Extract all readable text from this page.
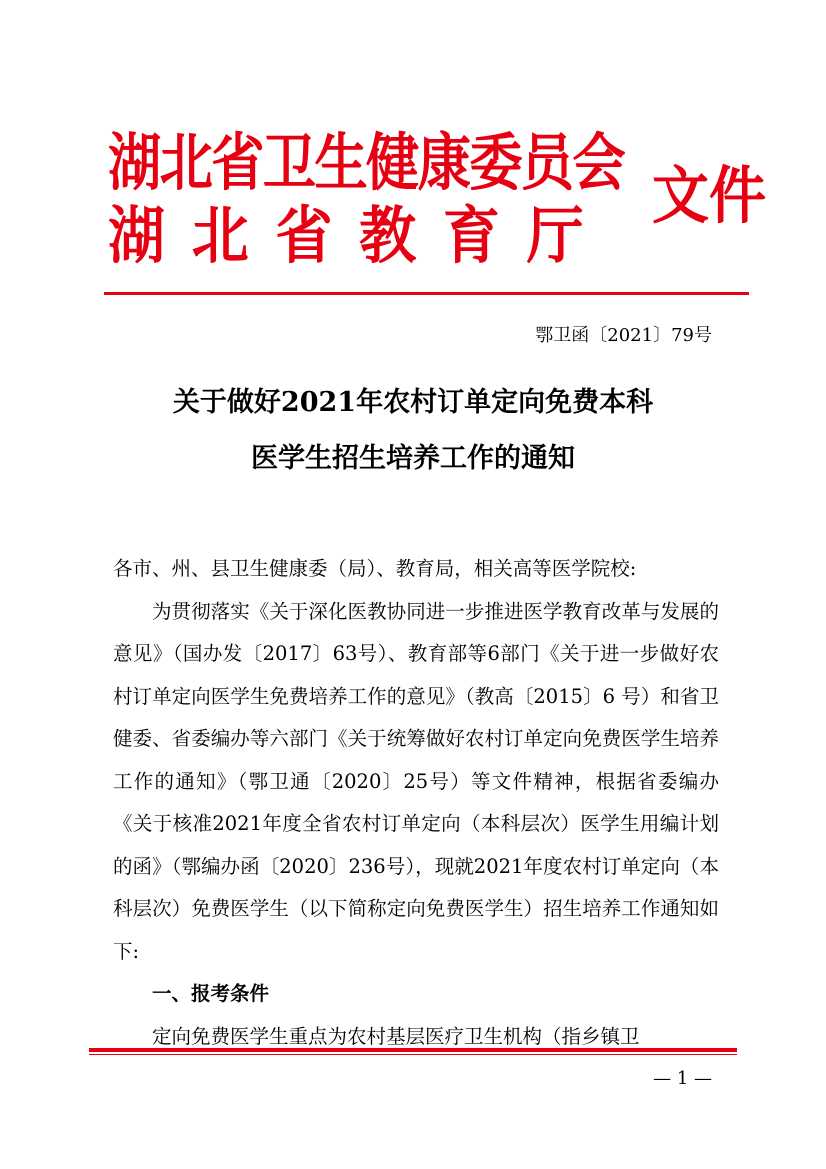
湖北省卫生健康委员会
湖北省教育厅
文件
鄂卫函〔2021〕79号
关于做好2021年农村订单定向免费本科
医学生招生培养工作的通知

各市、州、县卫生健康委（局）、教育局，相关高等医学院校:

为贯彻落实《关于深化医教协同进一步推进医学教育改革与发展的意见》（国办发〔2017〕63号）、教育部等6部门《关于进一步做好农村订单定向医学生免费培养工作的意见》（教高〔2015〕6 号）和省卫健委、省委编办等六部门《关于统筹做好农村订单定向免费医学生培养工作的通知》（鄂卫通〔2020〕25号）等文件精神，根据省委编办《关于核准2021年度全省农村订单定向（本科层次）医学生用编计划的函》（鄂编办函〔2020〕236号），现就2021年度农村订单定向（本科层次）免费医学生（以下简称定向免费医学生）招生培养工作通知如下:

一、报考条件

定向免费医学生重点为农村基层医疗卫生机构（指乡镇卫

— 1 —
